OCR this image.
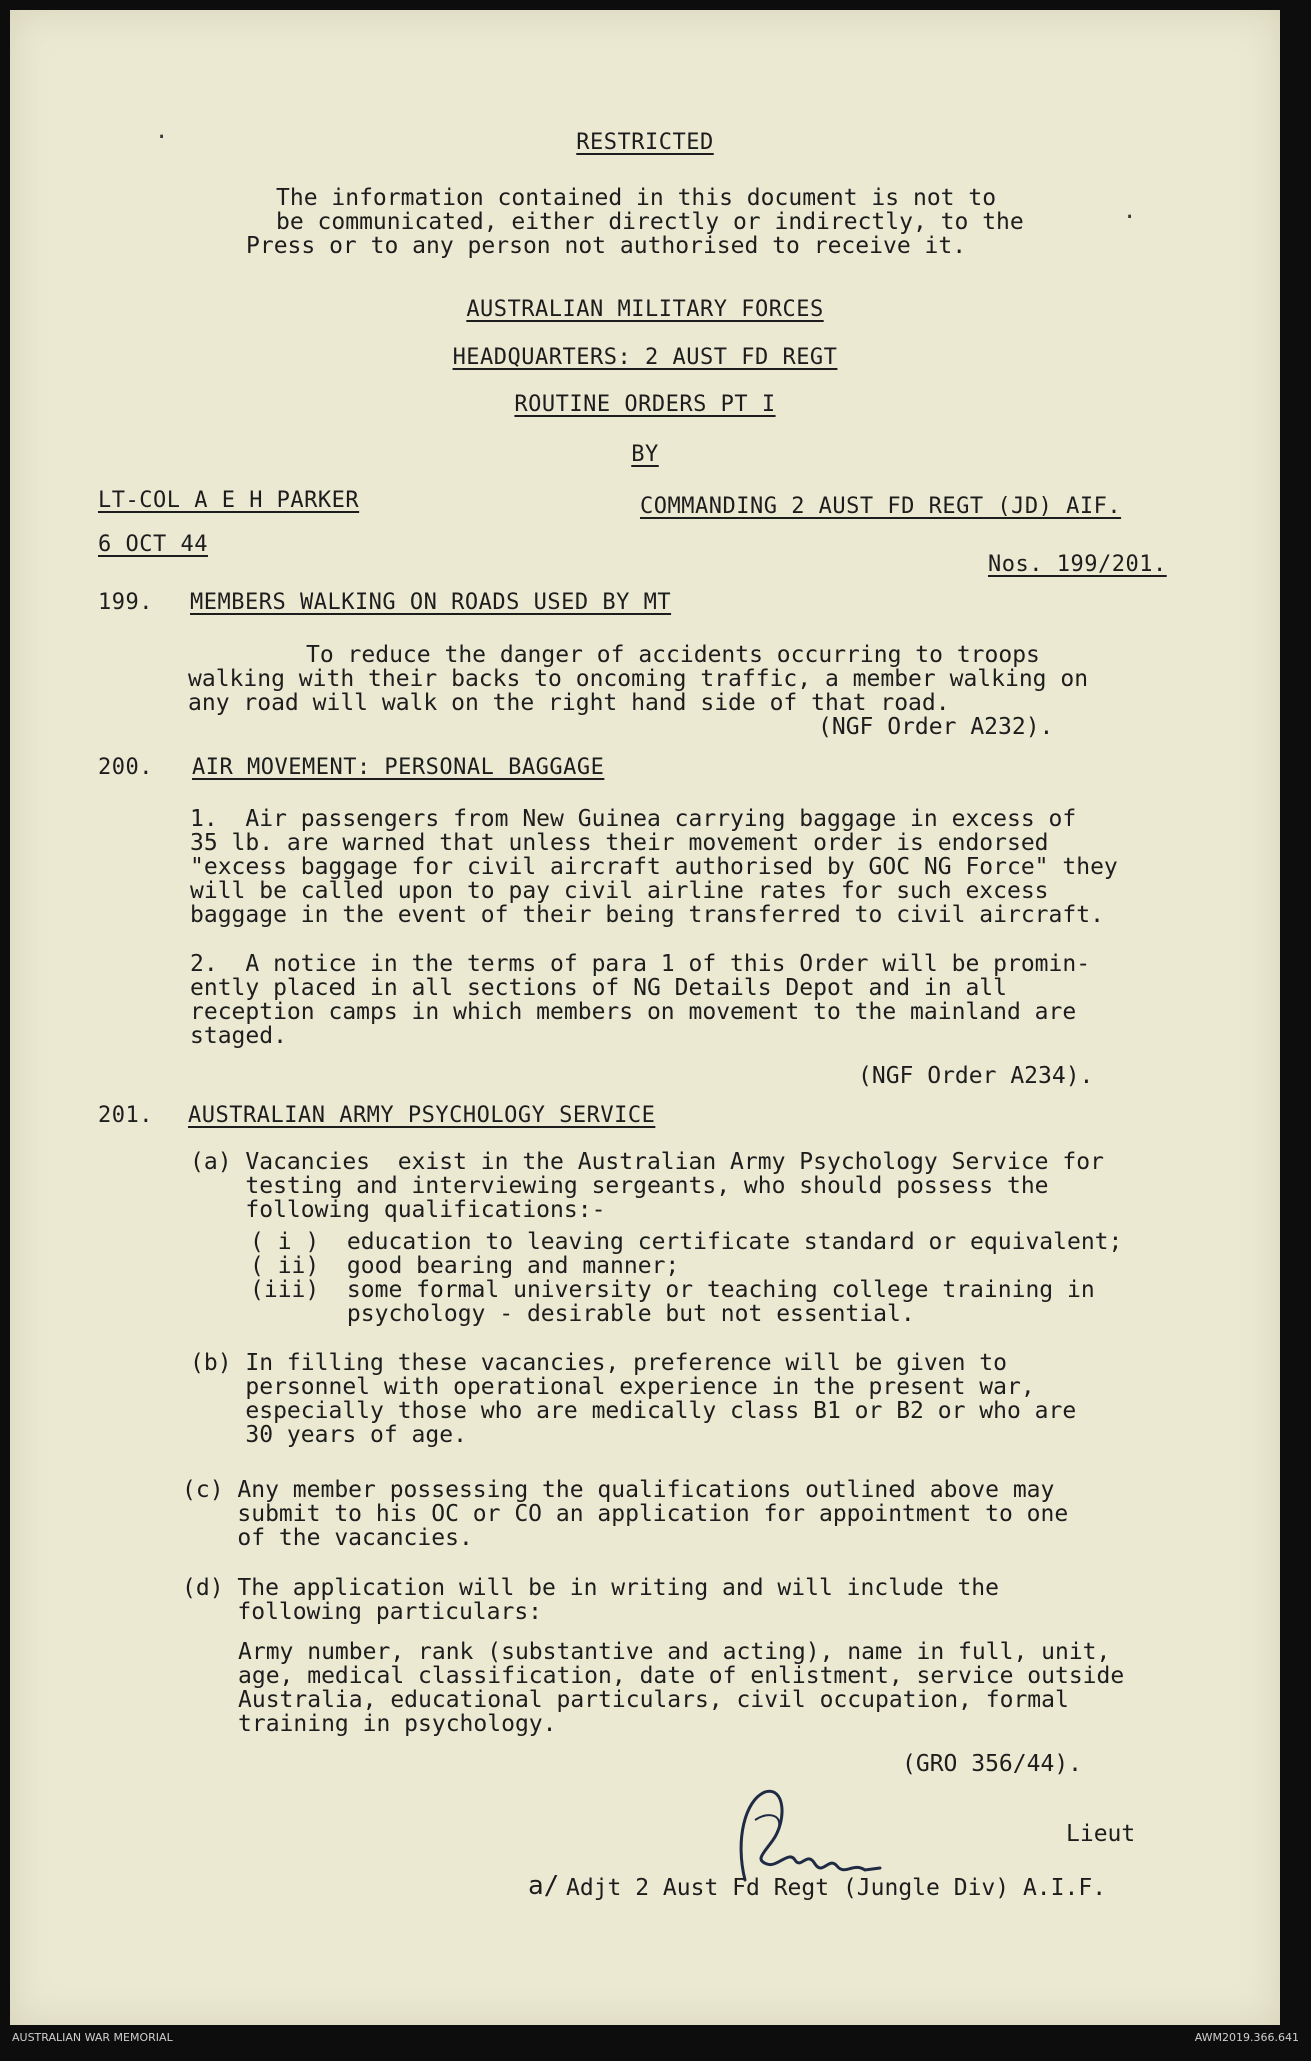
·
·
RESTRICTED
The information contained in this document is not to
be communicated, either directly or indirectly, to the
Press or to any person not authorised to receive it.
AUSTRALIAN MILITARY FORCES
HEADQUARTERS: 2 AUST FD REGT
ROUTINE ORDERS PT I
BY
LT-COL A E H PARKER	COMMANDING 2 AUST FD REGT (JD) AIF.
6 OCT 44
Nos. 199/201.
199. MEMBERS WALKING ON ROADS USED BY MT
To reduce the danger of accidents occurring to troops
walking with their backs to oncoming traffic, a member walking on
any road will walk on the right hand side of that road.
(NGF Order A232).
200. AIR MOVEMENT: PERSONAL BAGGAGE
1.  Air passengers from New Guinea carrying baggage in excess of
35 lb. are warned that unless their movement order is endorsed
"excess baggage for civil aircraft authorised by GOC NG Force" they
will be called upon to pay civil airline rates for such excess
baggage in the event of their being transferred to civil aircraft.
2.  A notice in the terms of para 1 of this Order will be promin-
ently placed in all sections of NG Details Depot and in all
reception camps in which members on movement to the mainland are
staged.
(NGF Order A234).
201. AUSTRALIAN ARMY PSYCHOLOGY SERVICE
(a) Vacancies  exist in the Australian Army Psychology Service for
testing and interviewing sergeants, who should possess the
following qualifications:-
( i )  education to leaving certificate standard or equivalent;
( ii)  good bearing and manner;
(iii)  some formal university or teaching college training in
psychology - desirable but not essential.
(b) In filling these vacancies, preference will be given to
personnel with operational experience in the present war,
especially those who are medically class B1 or B2 or who are
30 years of age.
(c) Any member possessing the qualifications outlined above may
submit to his OC or CO an application for appointment to one
of the vacancies.
(d) The application will be in writing and will include the
following particulars:
Army number, rank (substantive and acting), name in full, unit,
age, medical classification, date of enlistment, service outside
Australia, educational particulars, civil occupation, formal
training in psychology.
(GRO 356/44).
Lieut
a/ Adjt 2 Aust Fd Regt (Jungle Div) A.I.F.
AUSTRALIAN WAR MEMORIAL	AWM2019.366.641
